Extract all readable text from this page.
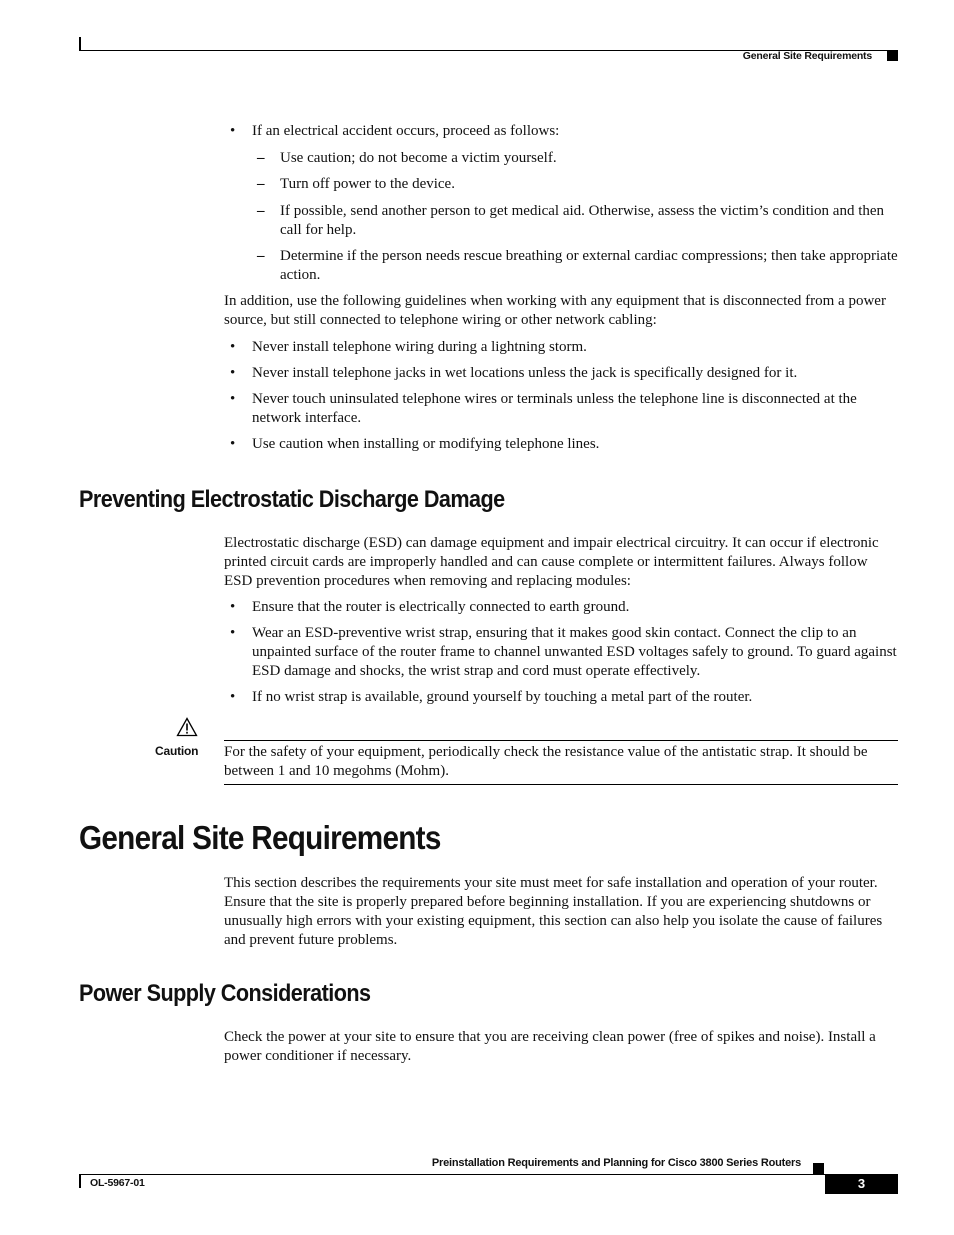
General Site Requirements
• If an electrical accident occurs, proceed as follows:
– Use caution; do not become a victim yourself.
– Turn off power to the device.
– If possible, send another person to get medical aid. Otherwise, assess the victim’s condition and then call for help.
– Determine if the person needs rescue breathing or external cardiac compressions; then take appropriate action.
In addition, use the following guidelines when working with any equipment that is disconnected from a power source, but still connected to telephone wiring or other network cabling:
• Never install telephone wiring during a lightning storm.
• Never install telephone jacks in wet locations unless the jack is specifically designed for it.
• Never touch uninsulated telephone wires or terminals unless the telephone line is disconnected at the network interface.
• Use caution when installing or modifying telephone lines.
Preventing Electrostatic Discharge Damage
Electrostatic discharge (ESD) can damage equipment and impair electrical circuitry. It can occur if electronic printed circuit cards are improperly handled and can cause complete or intermittent failures. Always follow ESD prevention procedures when removing and replacing modules:
• Ensure that the router is electrically connected to earth ground.
• Wear an ESD-preventive wrist strap, ensuring that it makes good skin contact. Connect the clip to an unpainted surface of the router frame to channel unwanted ESD voltages safely to ground. To guard against ESD damage and shocks, the wrist strap and cord must operate effectively.
• If no wrist strap is available, ground yourself by touching a metal part of the router.
Caution For the safety of your equipment, periodically check the resistance value of the antistatic strap. It should be between 1 and 10 megohms (Mohm).
General Site Requirements
This section describes the requirements your site must meet for safe installation and operation of your router. Ensure that the site is properly prepared before beginning installation. If you are experiencing shutdowns or unusually high errors with your existing equipment, this section can also help you isolate the cause of failures and prevent future problems.
Power Supply Considerations
Check the power at your site to ensure that you are receiving clean power (free of spikes and noise). Install a power conditioner if necessary.
Preinstallation Requirements and Planning for Cisco 3800 Series Routers
OL-5967-01	3
